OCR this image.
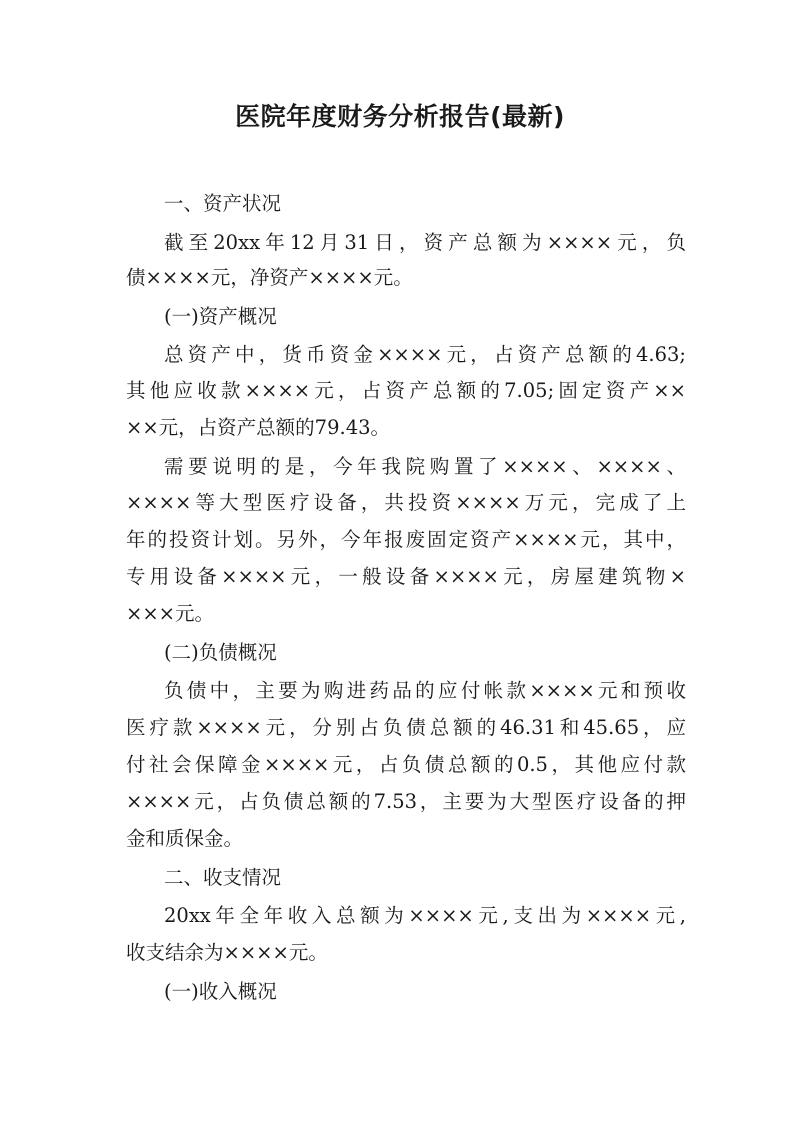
医院年度财务分析报告(最新)
一、资产状况
截至20xx年12月31日，资产总额为××××元，负
债××××元，净资产××××元。
(一)资产概况
总资产中，货币资金××××元，占资产总额的4.63;
其他应收款××××元，占资产总额的7.05;固定资产××
××元，占资产总额的79.43。
需要说明的是，今年我院购置了××××、××××、
××××等大型医疗设备，共投资××××万元，完成了上
年的投资计划。另外，今年报废固定资产××××元，其中，
专用设备××××元，一般设备××××元，房屋建筑物×
×××元。
(二)负债概况
负债中，主要为购进药品的应付帐款××××元和预收
医疗款××××元，分别占负债总额的46.31和45.65，应
付社会保障金××××元，占负债总额的0.5，其他应付款
××××元，占负债总额的7.53，主要为大型医疗设备的押
金和质保金。
二、收支情况
20xx年全年收入总额为××××元,支出为××××元,
收支结余为××××元。
(一)收入概况
